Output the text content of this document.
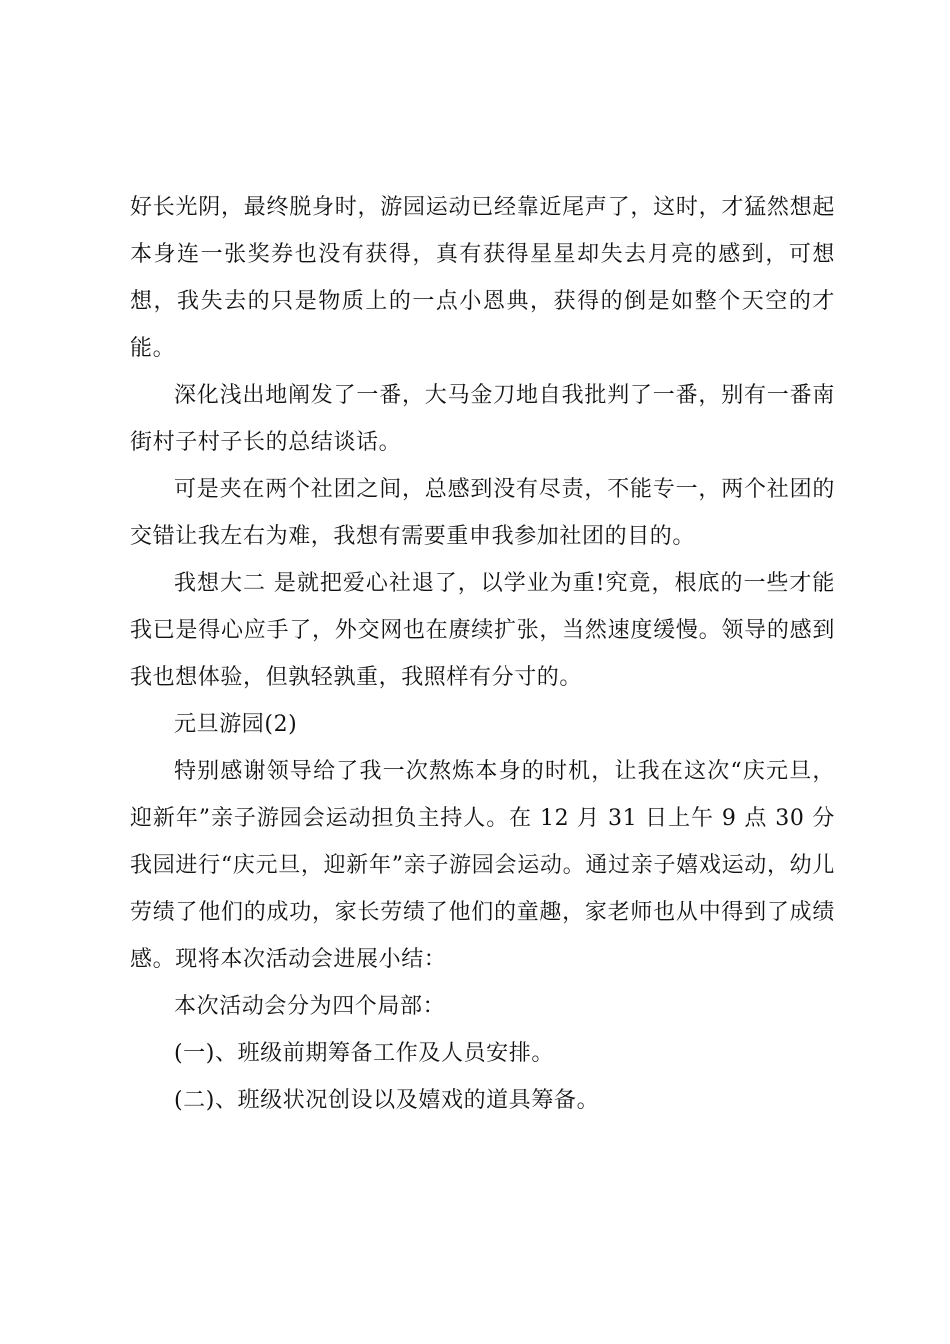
好长光阴，最终脱身时，游园运动已经靠近尾声了，这时，才猛然想起本身连一张奖券也没有获得，真有获得星星却失去月亮的感到，可想想，我失去的只是物质上的一点小恩典，获得的倒是如整个天空的才能。

深化浅出地阐发了一番，大马金刀地自我批判了一番，别有一番南街村子村子长的总结谈话。

可是夹在两个社团之间，总感到没有尽责，不能专一，两个社团的交错让我左右为难，我想有需要重申我参加社团的目的。

我想大二 是就把爱心社退了，以学业为重!究竟，根底的一些才能我已是得心应手了，外交网也在赓续扩张，当然速度缓慢。领导的感到我也想体验，但孰轻孰重，我照样有分寸的。

元旦游园(2)

特别感谢领导给了我一次熬炼本身的时机，让我在这次“庆元旦，迎新年”亲子游园会运动担负主持人。在 12 月 31 日上午 9 点 30 分我园进行“庆元旦，迎新年”亲子游园会运动。通过亲子嬉戏运动，幼儿劳绩了他们的成功，家长劳绩了他们的童趣，家老师也从中得到了成绩感。现将本次活动会进展小结：

本次活动会分为四个局部：

(一)、班级前期筹备工作及人员安排。

(二)、班级状况创设以及嬉戏的道具筹备。
